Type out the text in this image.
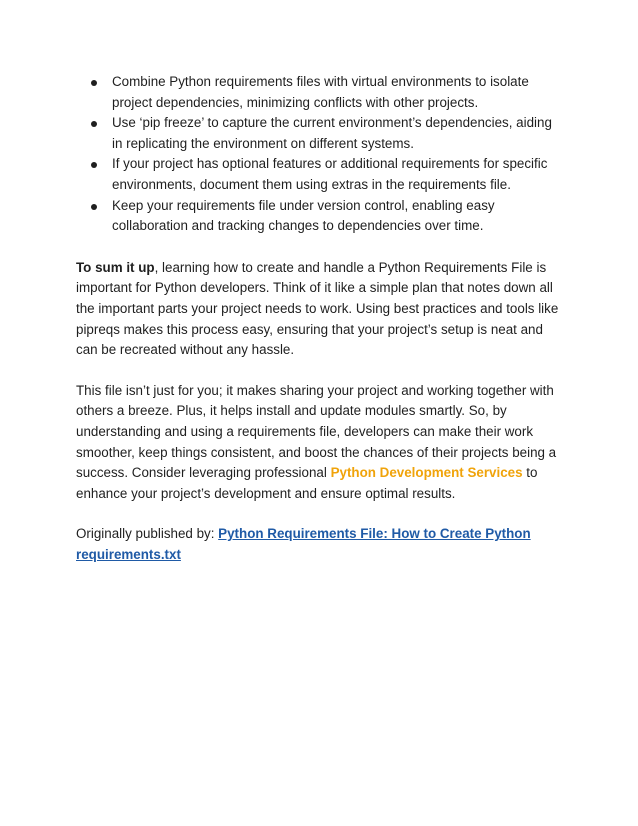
Combine Python requirements files with virtual environments to isolate project dependencies, minimizing conflicts with other projects.
Use ‘pip freeze’ to capture the current environment’s dependencies, aiding in replicating the environment on different systems.
If your project has optional features or additional requirements for specific environments, document them using extras in the requirements file.
Keep your requirements file under version control, enabling easy collaboration and tracking changes to dependencies over time.

To sum it up, learning how to create and handle a Python Requirements File is important for Python developers. Think of it like a simple plan that notes down all the important parts your project needs to work. Using best practices and tools like pipreqs makes this process easy, ensuring that your project’s setup is neat and can be recreated without any hassle.

This file isn’t just for you; it makes sharing your project and working together with others a breeze. Plus, it helps install and update modules smartly. So, by understanding and using a requirements file, developers can make their work smoother, keep things consistent, and boost the chances of their projects being a success. Consider leveraging professional Python Development Services to enhance your project’s development and ensure optimal results.

Originally published by: Python Requirements File: How to Create Python requirements.txt
